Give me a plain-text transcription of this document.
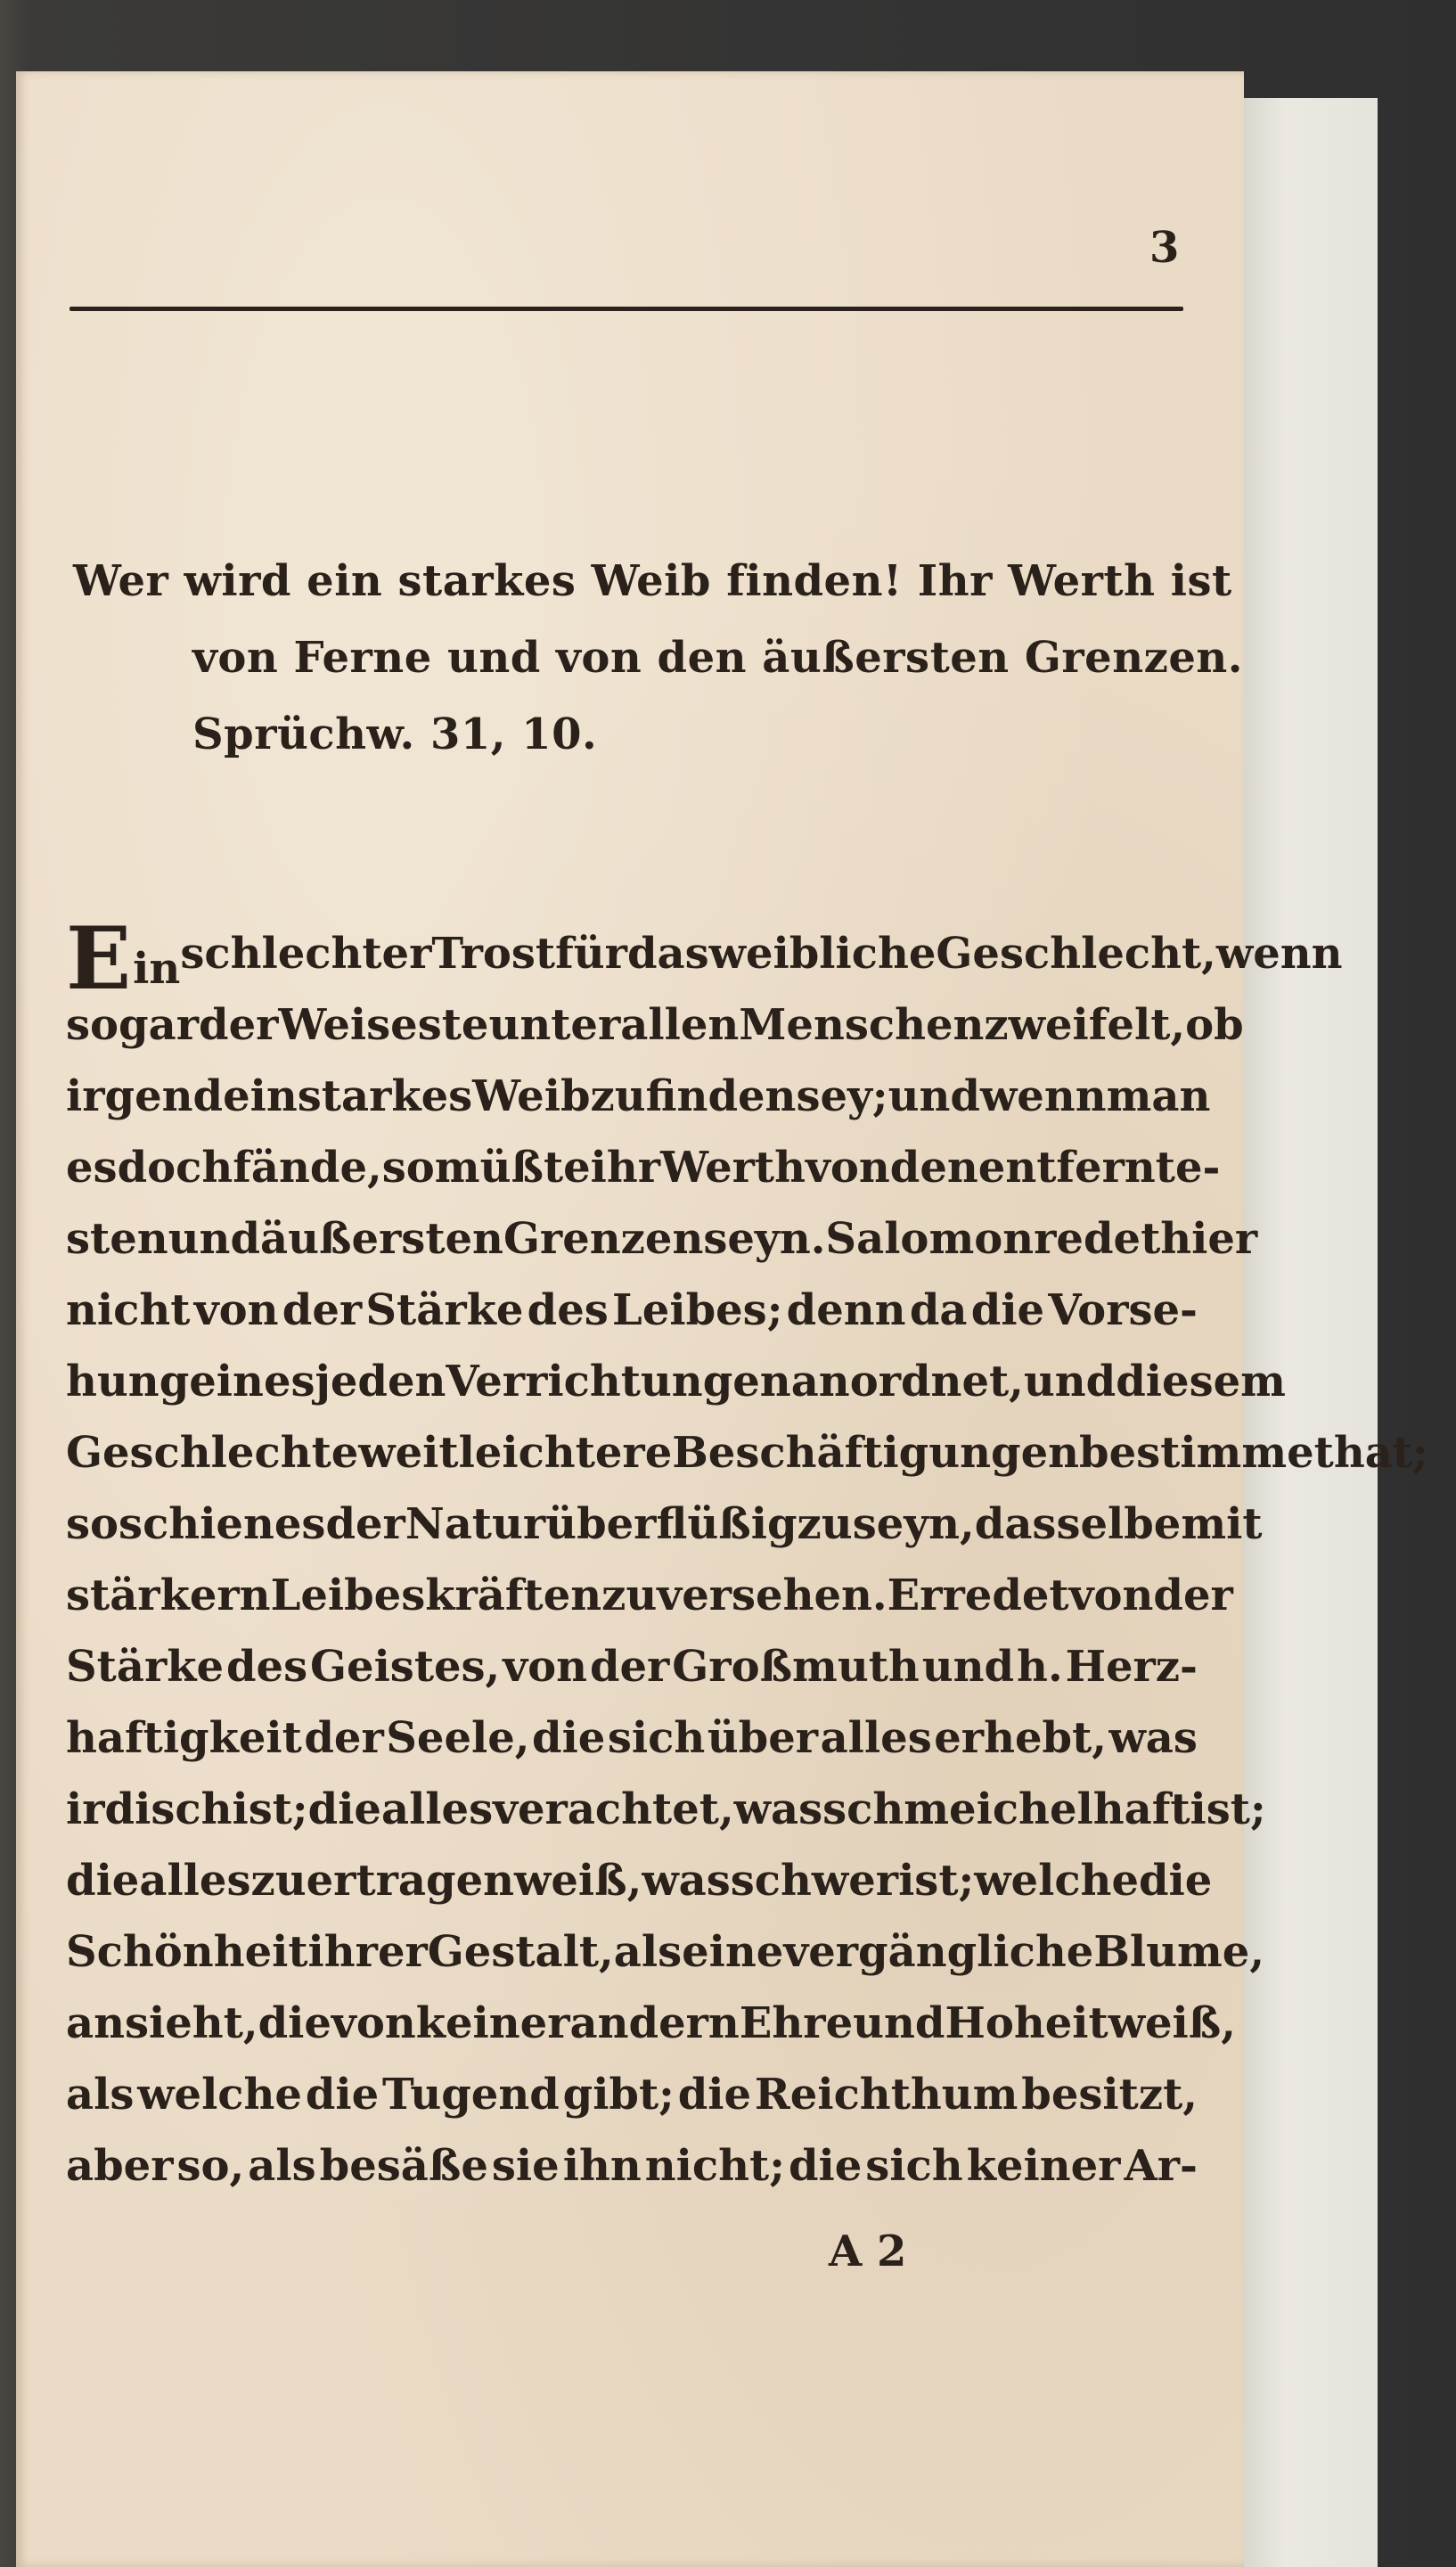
3
Wer wird ein starkes Weib finden! Ihr Werth ist
von Ferne und von den äußersten Grenzen.
Sprüchw. 31, 10.
Ein schlechter Trost für das weibliche Geschlecht, wenn
sogar der Weiseste unter allen Menschen zweifelt, ob
irgend ein starkes Weib zu finden sey; und wenn man
es doch fände, so müßte ihr Werth von den entfernte-
sten und äußersten Grenzen seyn. Salomon redet hier
nicht von der Stärke des Leibes; denn da die Vorse-
hung eines jeden Verrichtungen anordnet, und diesem
Geschlechte weit leichtere Beschäftigungen bestimmet hat;
so schien es der Natur überflüßig zu seyn, dasselbe mit
stärkern Leibeskräften zu versehen. Er redet von der
Stärke des Geistes, von der Großmuth und h. Herz-
haftigkeit der Seele, die sich über alles erhebt, was
irdisch ist; die alles verachtet, was schmeichelhaft ist;
die alles zu ertragen weiß, was schwer ist; welche die
Schönheit ihrer Gestalt, als eine vergängliche Blume,
ansieht, die von keiner andern Ehre und Hoheit weiß,
als welche die Tugend gibt; die Reichthum besitzt,
aber so, als besäße sie ihn nicht; die sich keiner Ar-
A 2
